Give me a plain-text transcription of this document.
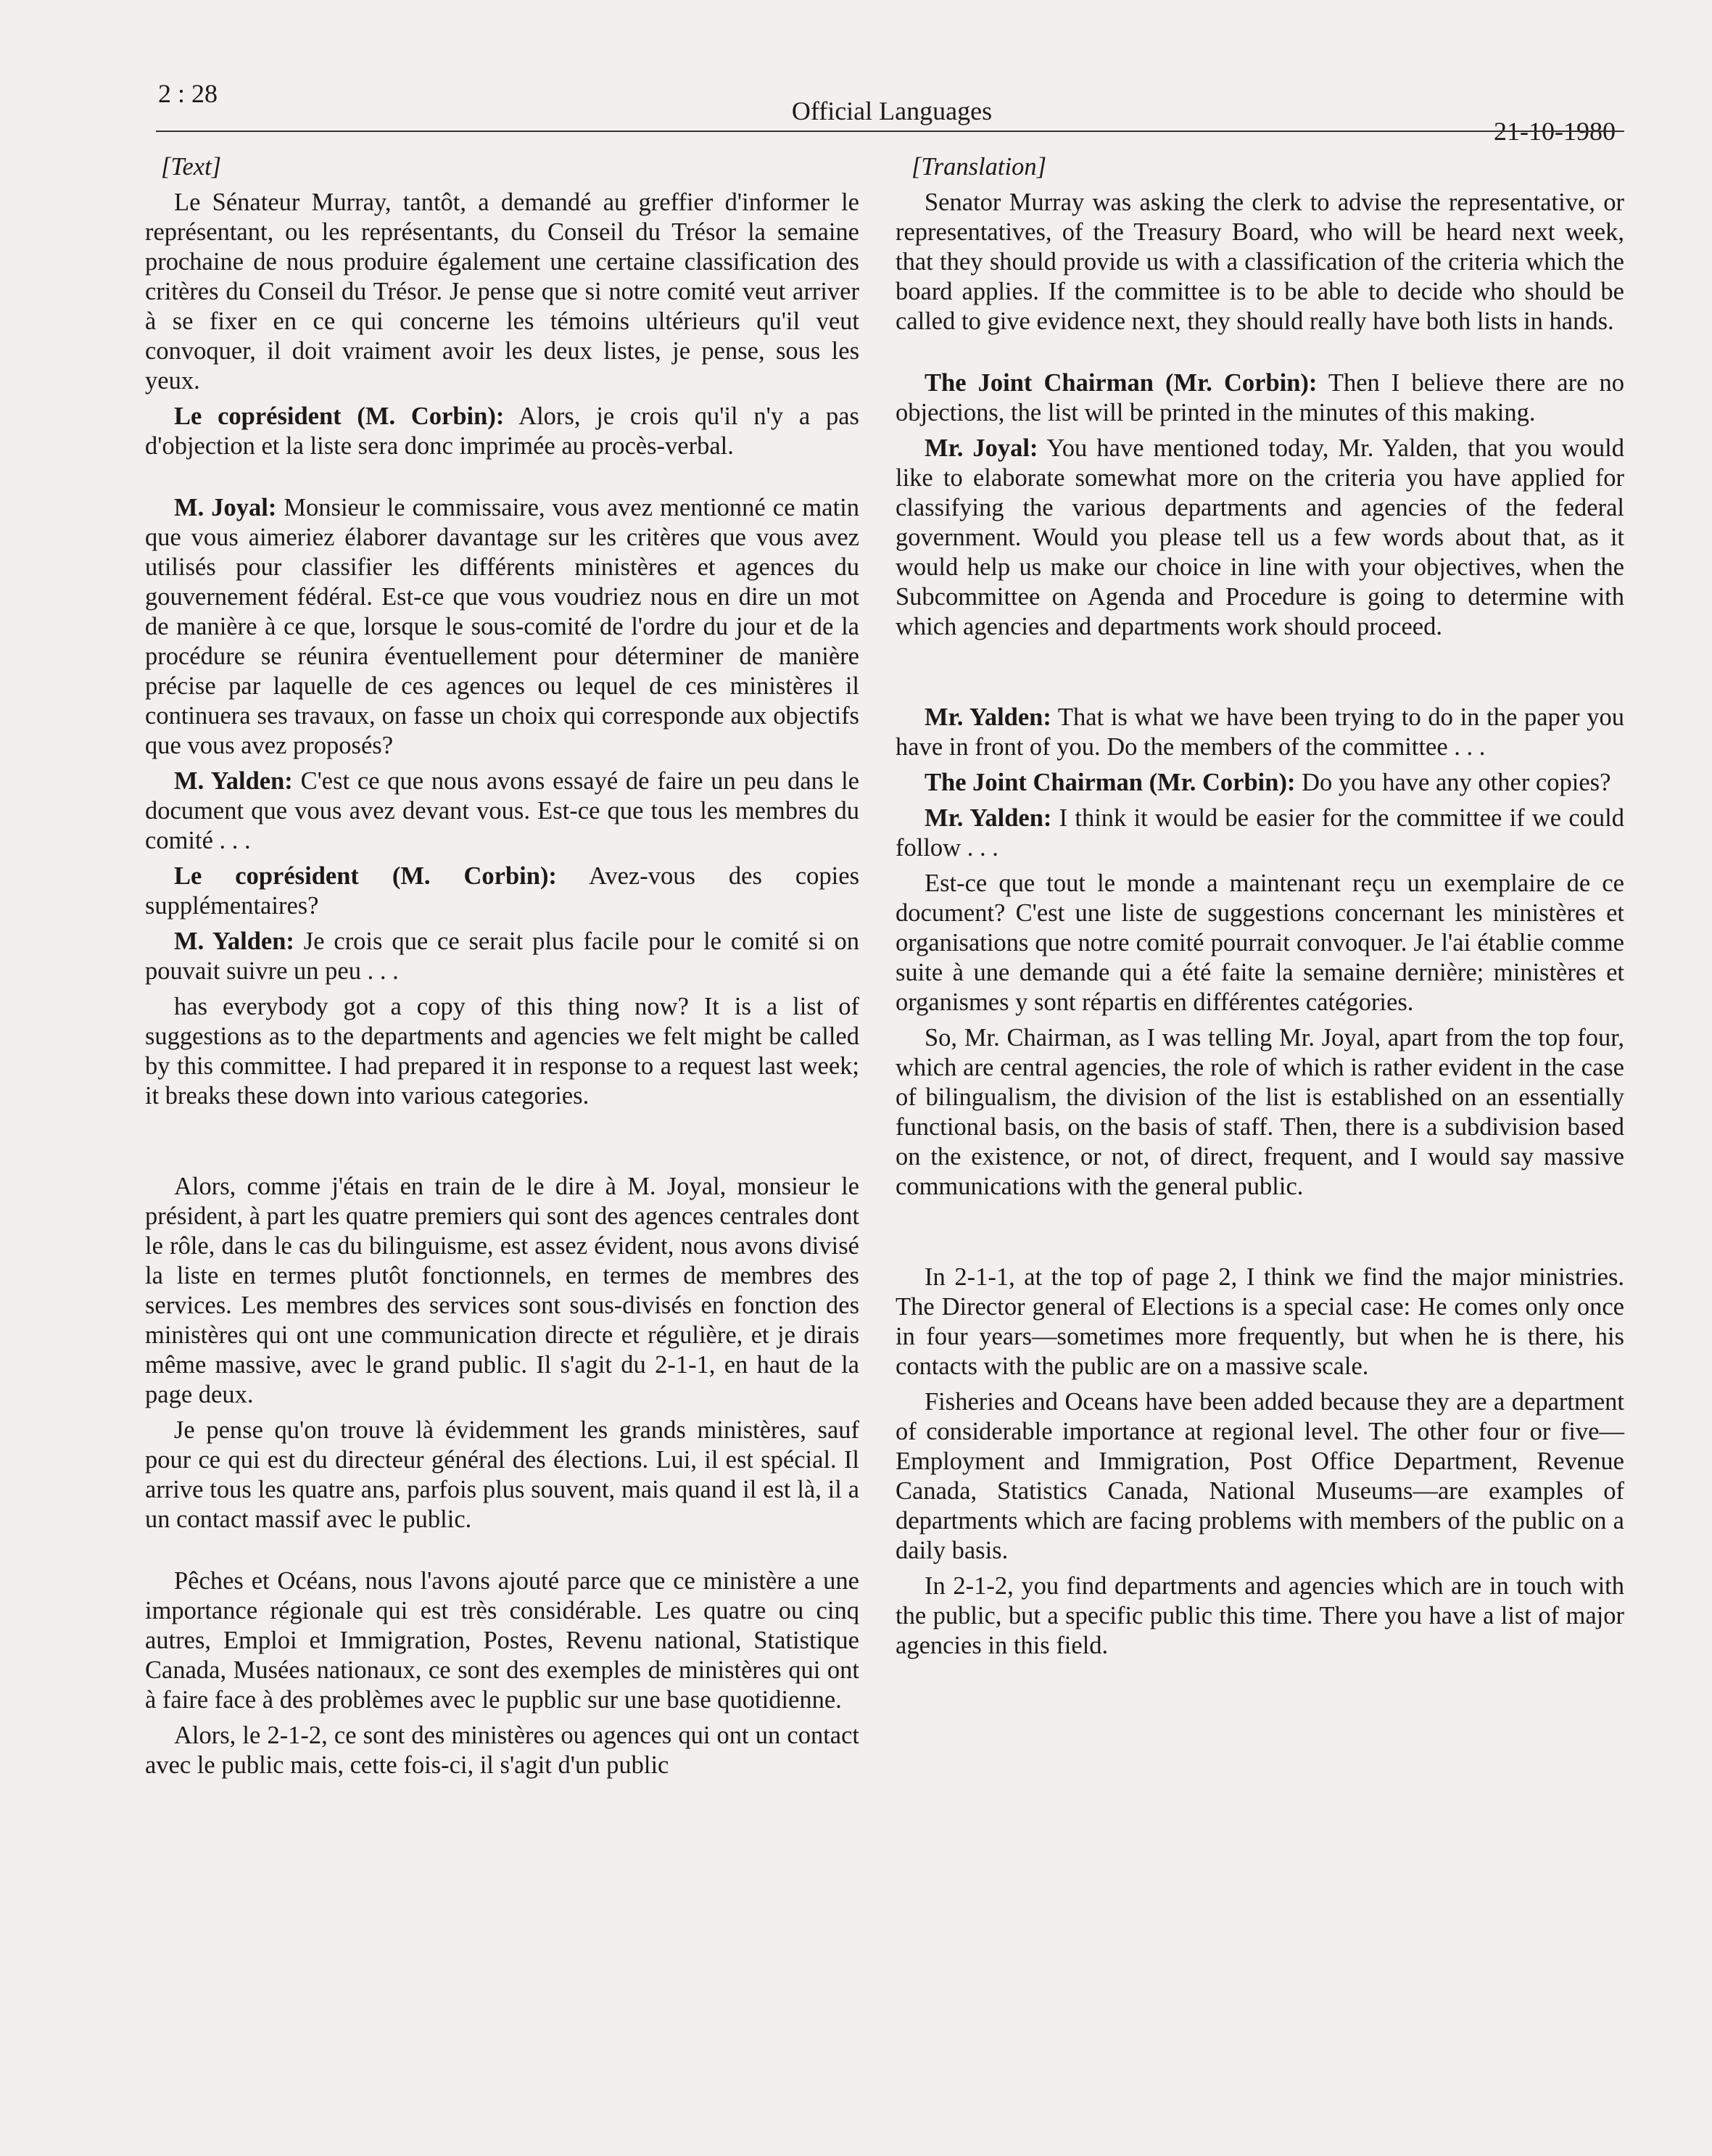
2 : 28
Official Languages
21-10-1980

[Text]

Le Sénateur Murray, tantôt, a demandé au greffier d'informer le représentant, ou les représentants, du Conseil du Trésor la semaine prochaine de nous produire également une certaine classification des critères du Conseil du Trésor. Je pense que si notre comité veut arriver à se fixer en ce qui concerne les témoins ultérieurs qu'il veut convoquer, il doit vraiment avoir les deux listes, je pense, sous les yeux.

Le coprésident (M. Corbin): Alors, je crois qu'il n'y a pas d'objection et la liste sera donc imprimée au procès-verbal.

M. Joyal: Monsieur le commissaire, vous avez mentionné ce matin que vous aimeriez élaborer davantage sur les critères que vous avez utilisés pour classifier les différents ministères et agences du gouvernement fédéral. Est-ce que vous voudriez nous en dire un mot de manière à ce que, lorsque le sous-comité de l'ordre du jour et de la procédure se réunira éventuellement pour déterminer de manière précise par laquelle de ces agences ou lequel de ces ministères il continuera ses travaux, on fasse un choix qui corresponde aux objectifs que vous avez proposés?

M. Yalden: C'est ce que nous avons essayé de faire un peu dans le document que vous avez devant vous. Est-ce que tous les membres du comité . . .

Le coprésident (M. Corbin): Avez-vous des copies supplémentaires?

M. Yalden: Je crois que ce serait plus facile pour le comité si on pouvait suivre un peu . . .

has everybody got a copy of this thing now? It is a list of suggestions as to the departments and agencies we felt might be called by this committee. I had prepared it in response to a request last week; it breaks these down into various categories.

Alors, comme j'étais en train de le dire à M. Joyal, monsieur le président, à part les quatre premiers qui sont des agences centrales dont le rôle, dans le cas du bilinguisme, est assez évident, nous avons divisé la liste en termes plutôt fonctionnels, en termes de membres des services. Les membres des services sont sous-divisés en fonction des ministères qui ont une communication directe et régulière, et je dirais même massive, avec le grand public. Il s'agit du 2-1-1, en haut de la page deux.

Je pense qu'on trouve là évidemment les grands ministères, sauf pour ce qui est du directeur général des élections. Lui, il est spécial. Il arrive tous les quatre ans, parfois plus souvent, mais quand il est là, il a un contact massif avec le public.

Pêches et Océans, nous l'avons ajouté parce que ce ministère a une importance régionale qui est très considérable. Les quatre ou cinq autres, Emploi et Immigration, Postes, Revenu national, Statistique Canada, Musées nationaux, ce sont des exemples de ministères qui ont à faire face à des problèmes avec le pupblic sur une base quotidienne.

Alors, le 2-1-2, ce sont des ministères ou agences qui ont un contact avec le public mais, cette fois-ci, il s'agit d'un public

[Translation]

Senator Murray was asking the clerk to advise the representative, or representatives, of the Treasury Board, who will be heard next week, that they should provide us with a classification of the criteria which the board applies. If the committee is to be able to decide who should be called to give evidence next, they should really have both lists in hands.

The Joint Chairman (Mr. Corbin): Then I believe there are no objections, the list will be printed in the minutes of this making.

Mr. Joyal: You have mentioned today, Mr. Yalden, that you would like to elaborate somewhat more on the criteria you have applied for classifying the various departments and agencies of the federal government. Would you please tell us a few words about that, as it would help us make our choice in line with your objectives, when the Subcommittee on Agenda and Procedure is going to determine with which agencies and departments work should proceed.

Mr. Yalden: That is what we have been trying to do in the paper you have in front of you. Do the members of the committee . . .

The Joint Chairman (Mr. Corbin): Do you have any other copies?

Mr. Yalden: I think it would be easier for the committee if we could follow . . .

Est-ce que tout le monde a maintenant reçu un exemplaire de ce document? C'est une liste de suggestions concernant les ministères et organisations que notre comité pourrait convoquer. Je l'ai établie comme suite à une demande qui a été faite la semaine dernière; ministères et organismes y sont répartis en différentes catégories.

So, Mr. Chairman, as I was telling Mr. Joyal, apart from the top four, which are central agencies, the role of which is rather evident in the case of bilingualism, the division of the list is established on an essentially functional basis, on the basis of staff. Then, there is a subdivision based on the existence, or not, of direct, frequent, and I would say massive communications with the general public.

In 2-1-1, at the top of page 2, I think we find the major ministries. The Director general of Elections is a special case: He comes only once in four years—sometimes more frequently, but when he is there, his contacts with the public are on a massive scale.

Fisheries and Oceans have been added because they are a department of considerable importance at regional level. The other four or five—Employment and Immigration, Post Office Department, Revenue Canada, Statistics Canada, National Museums—are examples of departments which are facing problems with members of the public on a daily basis.

In 2-1-2, you find departments and agencies which are in touch with the public, but a specific public this time. There you have a list of major agencies in this field.
